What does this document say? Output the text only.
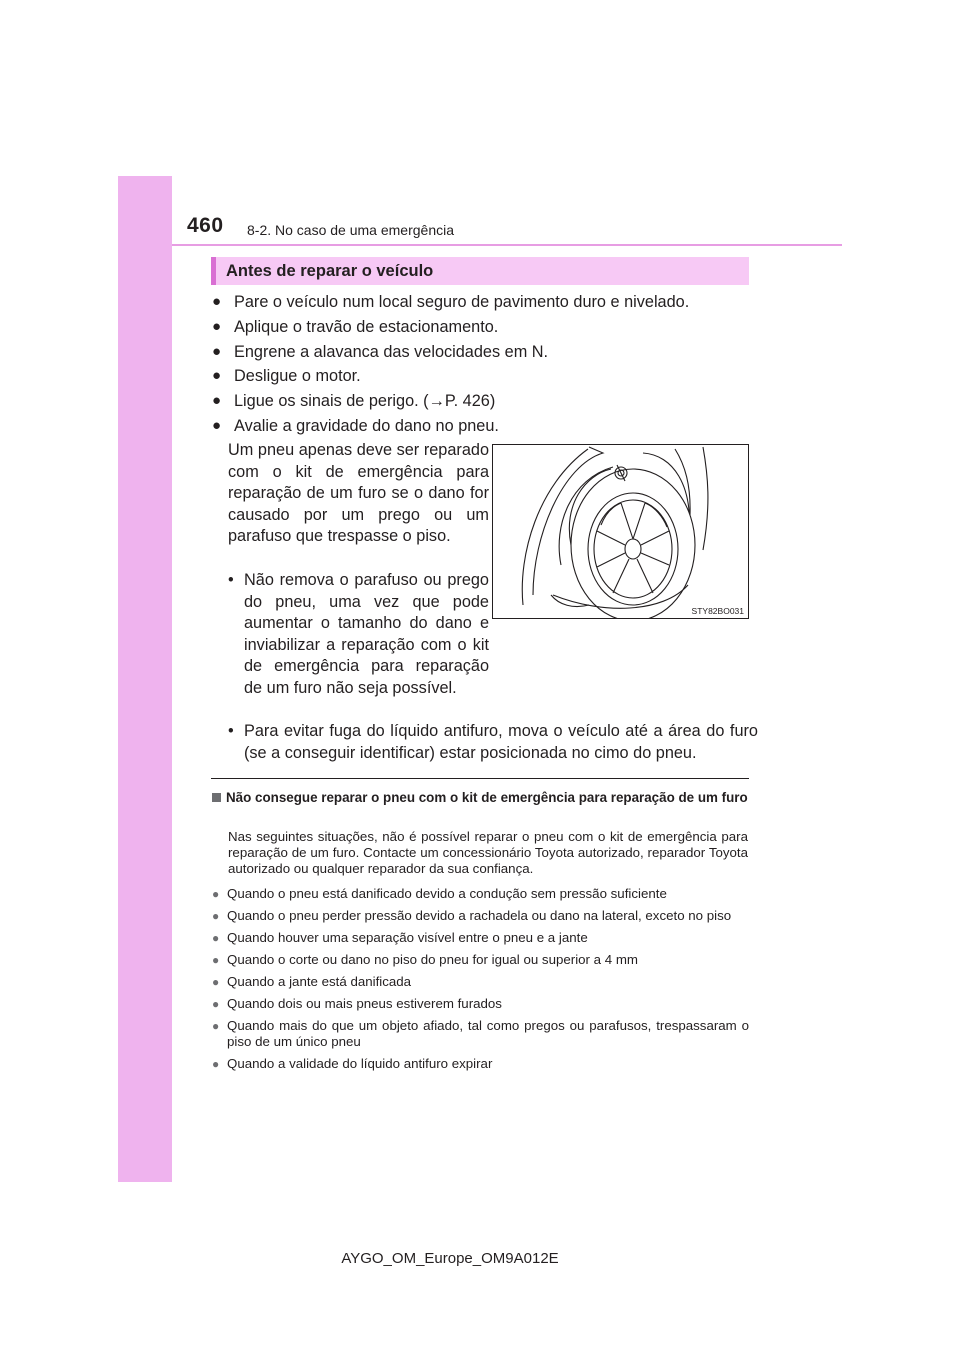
460 8-2. No caso de uma emergência
Antes de reparar o veículo
● Pare o veículo num local seguro de pavimento duro e nivelado.
● Aplique o travão de estacionamento.
● Engrene a alavanca das velocidades em N.
● Desligue o motor.
● Ligue os sinais de perigo. (→P. 426)
● Avalie a gravidade do dano no pneu.

Um pneu apenas deve ser reparado com o kit de emergência para reparação de um furo se o dano for causado por um prego ou um parafuso que trespasse o piso.

• Não remova o parafuso ou prego do pneu, uma vez que pode aumentar o tamanho do dano e inviabilizar a reparação com o kit de emergência para reparação de um furo não seja possível.
• Para evitar fuga do líquido antifuro, mova o veículo até a área do furo (se a conseguir identificar) estar posicionada no cimo do pneu.
STY82BO031
Não consegue reparar o pneu com o kit de emergência para reparação de um furo
Nas seguintes situações, não é possível reparar o pneu com o kit de emergência para reparação de um furo. Contacte um concessionário Toyota autorizado, reparador Toyota autorizado ou qualquer reparador da sua confiança.
● Quando o pneu está danificado devido a condução sem pressão suficiente
● Quando o pneu perder pressão devido a rachadela ou dano na lateral, exceto no piso
● Quando houver uma separação visível entre o pneu e a jante
● Quando o corte ou dano no piso do pneu for igual ou superior a 4 mm
● Quando a jante está danificada
● Quando dois ou mais pneus estiverem furados
● Quando mais do que um objeto afiado, tal como pregos ou parafusos, trespassaram o piso de um único pneu
● Quando a validade do líquido antifuro expirar
AYGO_OM_Europe_OM9A012E
